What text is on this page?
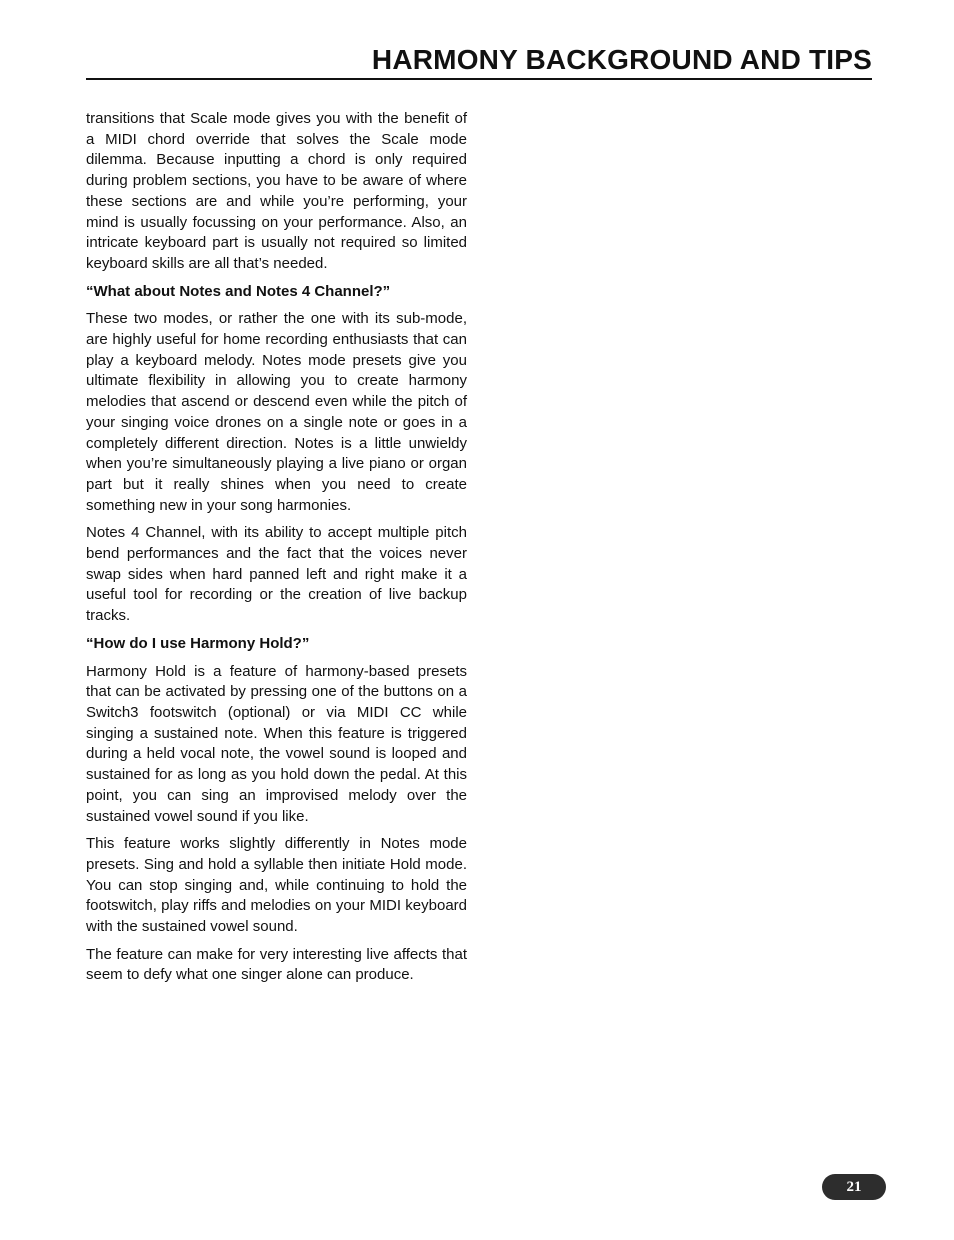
HARMONY BACKGROUND AND TIPS

transitions that Scale mode gives you with the benefit of a MIDI chord override that solves the Scale mode dilemma. Because inputting a chord is only required during problem sections, you have to be aware of where these sections are and while you’re performing, your mind is usually focussing on your performance. Also, an intricate keyboard part is usually not required so limited keyboard skills are all that’s needed.

“What about Notes and Notes 4 Channel?”

These two modes, or rather the one with its sub-mode, are highly useful for home recording enthusiasts that can play a keyboard melody. Notes mode presets give you ultimate flexibility in allowing you to create harmony melodies that ascend or descend even while the pitch of your singing voice drones on a single note or goes in a completely different direction. Notes is a little unwieldy when you’re simultaneously playing a live piano or organ part but it really shines when you need to create something new in your song harmonies.

Notes 4 Channel, with its ability to accept multiple pitch bend performances and the fact that the voices never swap sides when hard panned left and right make it a useful tool for recording or the creation of live backup tracks.

“How do I use Harmony Hold?”

Harmony Hold is a feature of harmony-based presets that can be activated by pressing one of the buttons on a Switch3 footswitch (optional) or via MIDI CC while singing a sustained note. When this feature is triggered during a held vocal note, the vowel sound is looped and sustained for as long as you hold down the pedal. At this point, you can sing an improvised melody over the sustained vowel sound if you like.

This feature works slightly differently in Notes mode presets. Sing and hold a syllable then initiate Hold mode. You can stop singing and, while continuing to hold the footswitch, play riffs and melodies on your MIDI keyboard with the sustained vowel sound.

The feature can make for very interesting live affects that seem to defy what one singer alone can produce.

21
